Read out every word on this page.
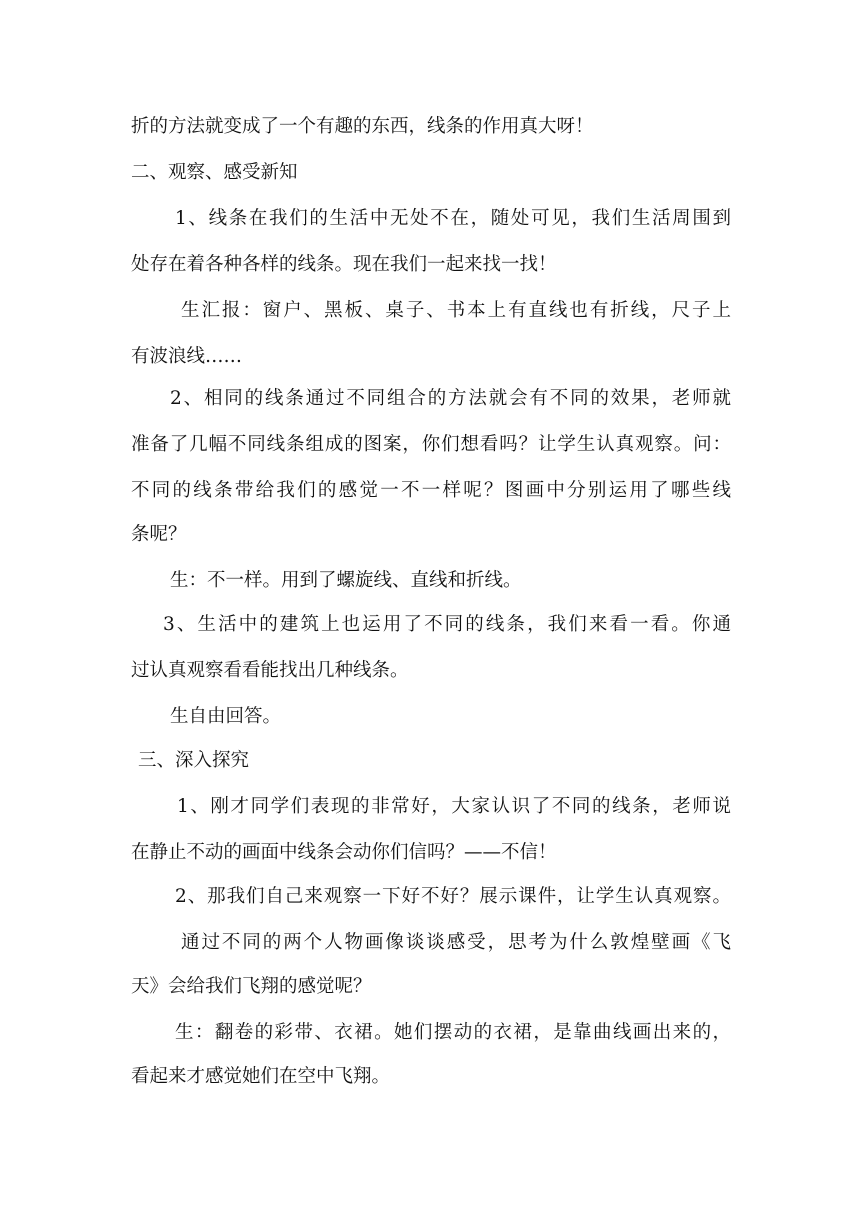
折的方法就变成了一个有趣的东西，线条的作用真大呀！
二、观察、感受新知
1、线条在我们的生活中无处不在，随处可见，我们生活周围到
处存在着各种各样的线条。现在我们一起来找一找！
生汇报：窗户、黑板、桌子、书本上有直线也有折线，尺子上
有波浪线……
2、相同的线条通过不同组合的方法就会有不同的效果，老师就
准备了几幅不同线条组成的图案，你们想看吗？让学生认真观察。问：
不同的线条带给我们的感觉一不一样呢？图画中分别运用了哪些线
条呢？
生：不一样。用到了螺旋线、直线和折线。
3、生活中的建筑上也运用了不同的线条，我们来看一看。你通
过认真观察看看能找出几种线条。
生自由回答。
三、深入探究
1、刚才同学们表现的非常好，大家认识了不同的线条，老师说
在静止不动的画面中线条会动你们信吗？——不信！
2、那我们自己来观察一下好不好？展示课件，让学生认真观察。
通过不同的两个人物画像谈谈感受，思考为什么敦煌壁画《飞
天》会给我们飞翔的感觉呢？
生：翻卷的彩带、衣裙。她们摆动的衣裙，是靠曲线画出来的，
看起来才感觉她们在空中飞翔。
